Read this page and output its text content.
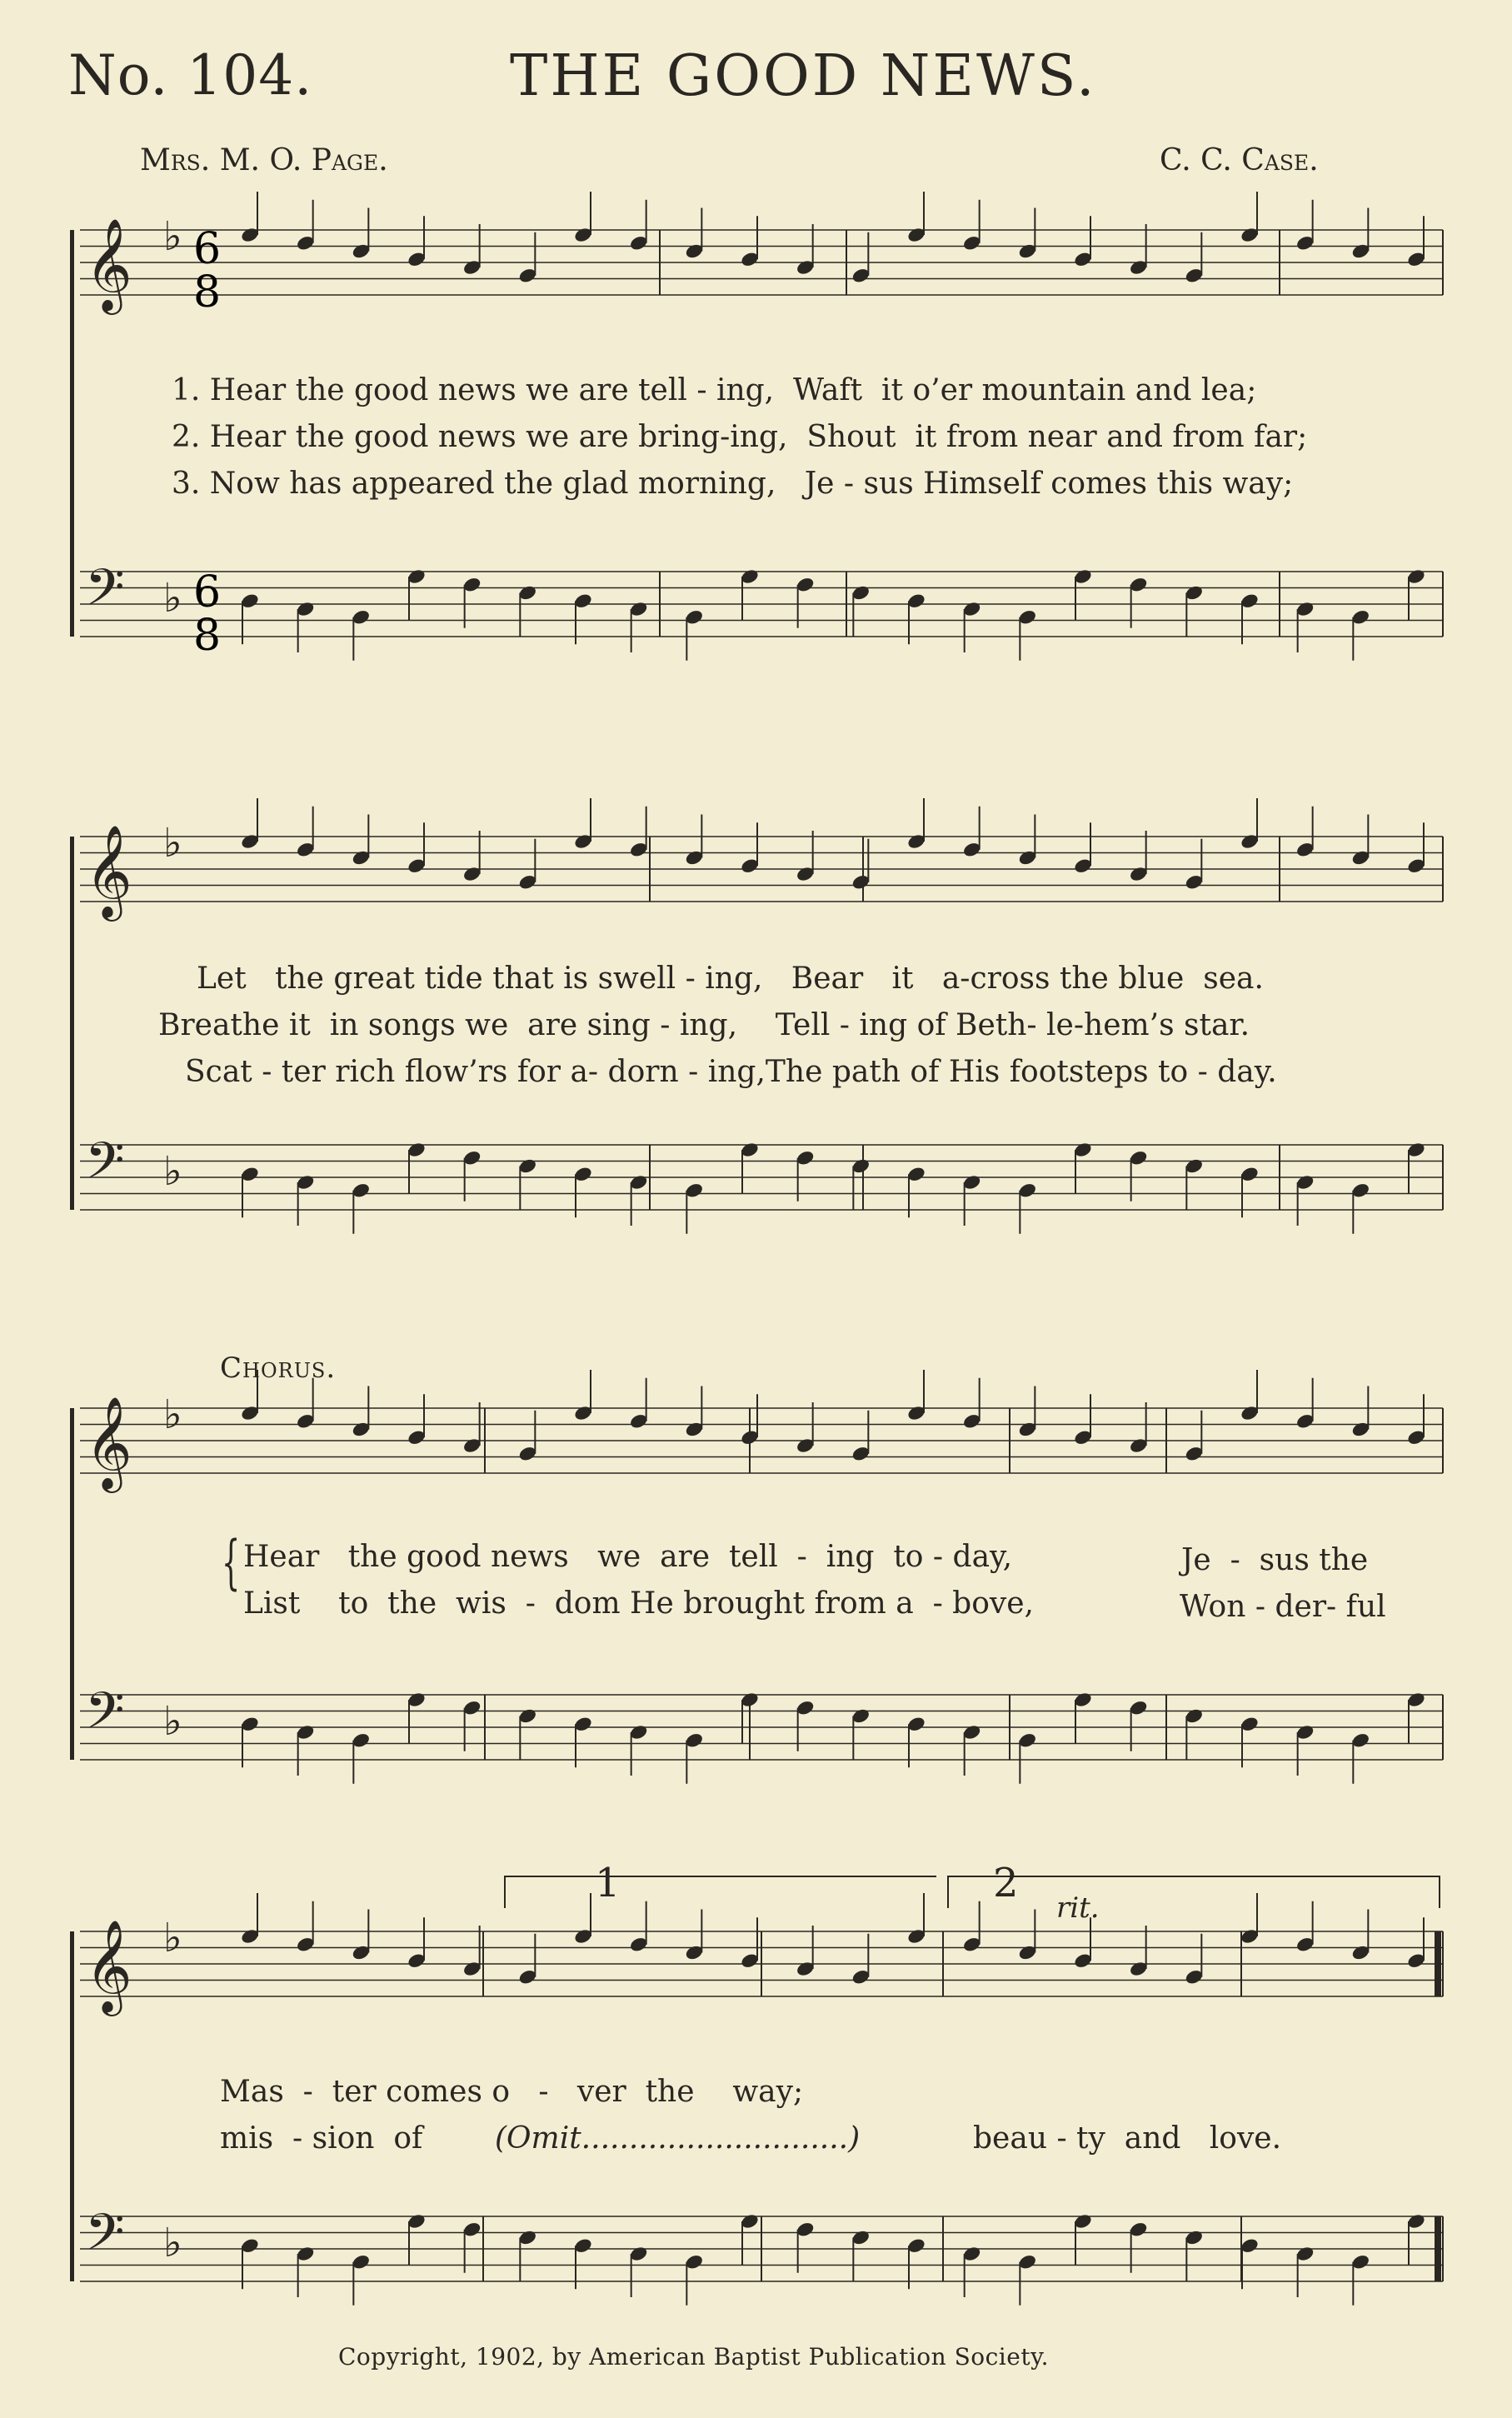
No. 104.	THE GOOD NEWS.
Mrs. M. O. Page.	C. C. Case.
𝄞 ♭
𝄢 ♭
𝄞 ♭
𝄢 ♭
𝄞 ♭
𝄢 ♭
𝄞 ♭
𝄢 ♭
6
8
6
8
1. Hear the good news we are tell - ing,  Waft  it o’er mountain and lea;
2. Hear the good news we are bring-ing,  Shout  it from near and from far;
3. Now has appeared the glad morning,   Je - sus Himself comes this way;
Let   the great tide that is swell - ing,   Bear   it   a-cross the blue  sea.
Breathe it  in songs we  are sing - ing,    Tell - ing of Beth- le-hem’s star.
Scat - ter rich flow’rs for a- dorn - ing,The path of His footsteps to - day.
Chorus.
{ Hear   the good news   we  are  tell  -  ing  to - day,	Je  -  sus the
List    to  the  wis  -  dom He brought from a  - bove,	Won - der- ful
1	2
rit.
Mas  -  ter comes o   -   ver  the    way;
mis  - sion  of (Omit............................)	beau - ty  and   love.
Copyright, 1902, by American Baptist Publication Society.
